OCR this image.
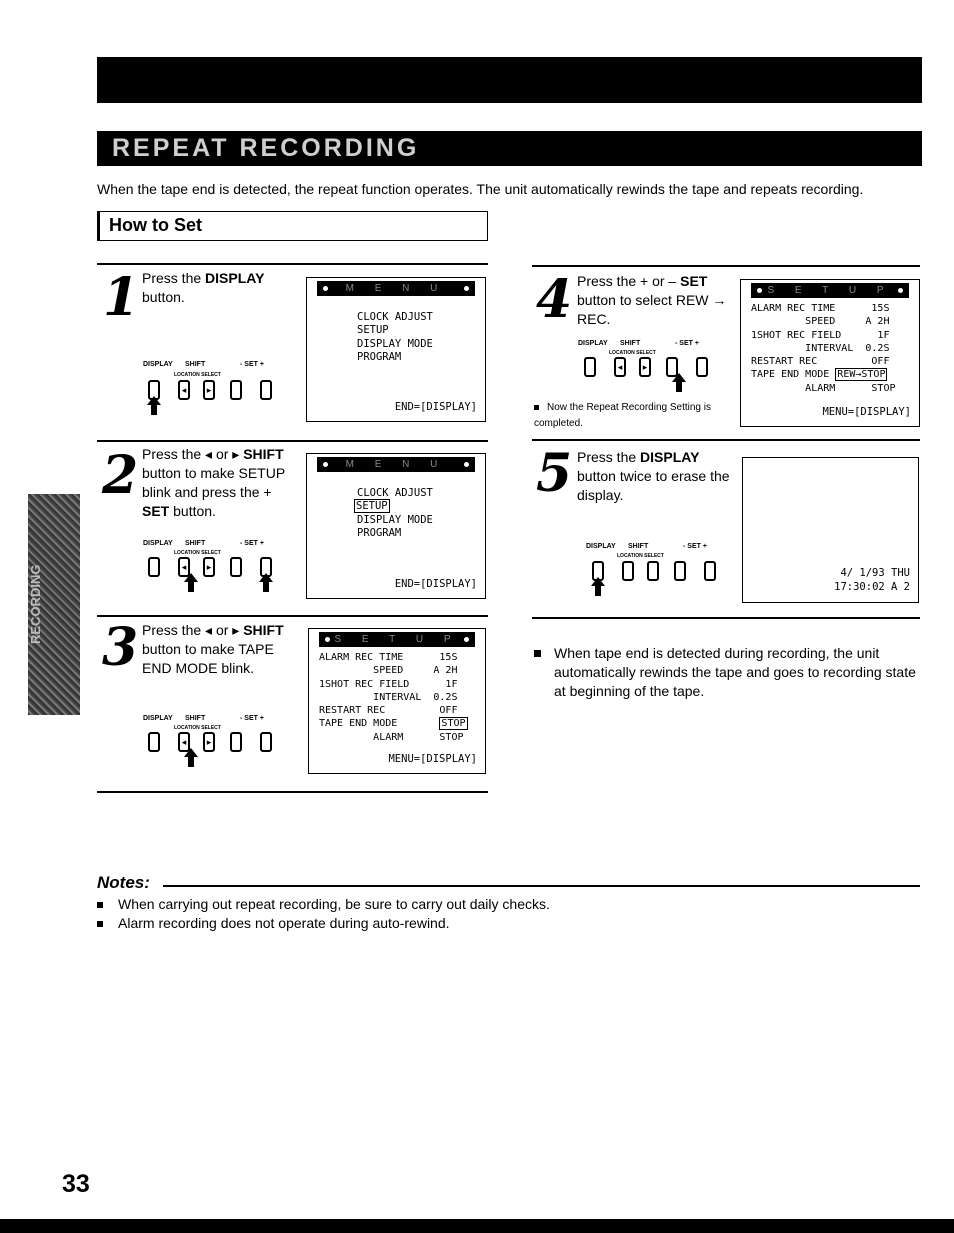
REPEAT RECORDING
When the tape end is detected, the repeat function operates. The unit automatically rewinds the tape and repeats recording.
How to Set
RECORDING
1 Press the DISPLAY button.
DISPLAY SHIFT	- SET +
LOCATION SELECT
◂ ▸
M E N U
CLOCK ADJUST
SETUP
DISPLAY MODE
PROGRAM
END=[DISPLAY]
2 Press the ◂ or ▸ SHIFT button to make SETUP blink and press the + SET button.
DISPLAY SHIFT	- SET +
LOCATION SELECT
◂ ▸
M E N U
CLOCK ADJUST
SETUP
DISPLAY MODE
PROGRAM
END=[DISPLAY]
3 Press the ◂ or ▸ SHIFT button to make TAPE END MODE blink.
DISPLAY SHIFT	- SET +
LOCATION SELECT
◂ ▸
S E T U P
ALARM REC TIME      15S
SPEED     A 2H
1SHOT REC FIELD      1F
INTERVAL  0.2S
RESTART REC         OFF
TAPE END MODE	STOP
ALARM      STOP
MENU=[DISPLAY]
4 Press the + or – SET button to select REW → REC.
DISPLAY SHIFT	- SET +
LOCATION SELECT
◂ ▸
Now the Repeat Recording Setting is completed.
S E T U P
ALARM REC TIME      15S
SPEED     A 2H
1SHOT REC FIELD      1F
INTERVAL  0.2S
RESTART REC         OFF
TAPE END MODE REW→STOP
ALARM      STOP
MENU=[DISPLAY]
5 Press the DISPLAY button twice to erase the display.
DISPLAY SHIFT	- SET +
LOCATION SELECT
4/ 1/93 THU
17:30:02 A 2
When tape end is detected during recording, the unit automatically rewinds the tape and goes to recording state at beginning of the tape.
Notes:
When carrying out repeat recording, be sure to carry out daily checks.
Alarm recording does not operate during auto-rewind.
33
